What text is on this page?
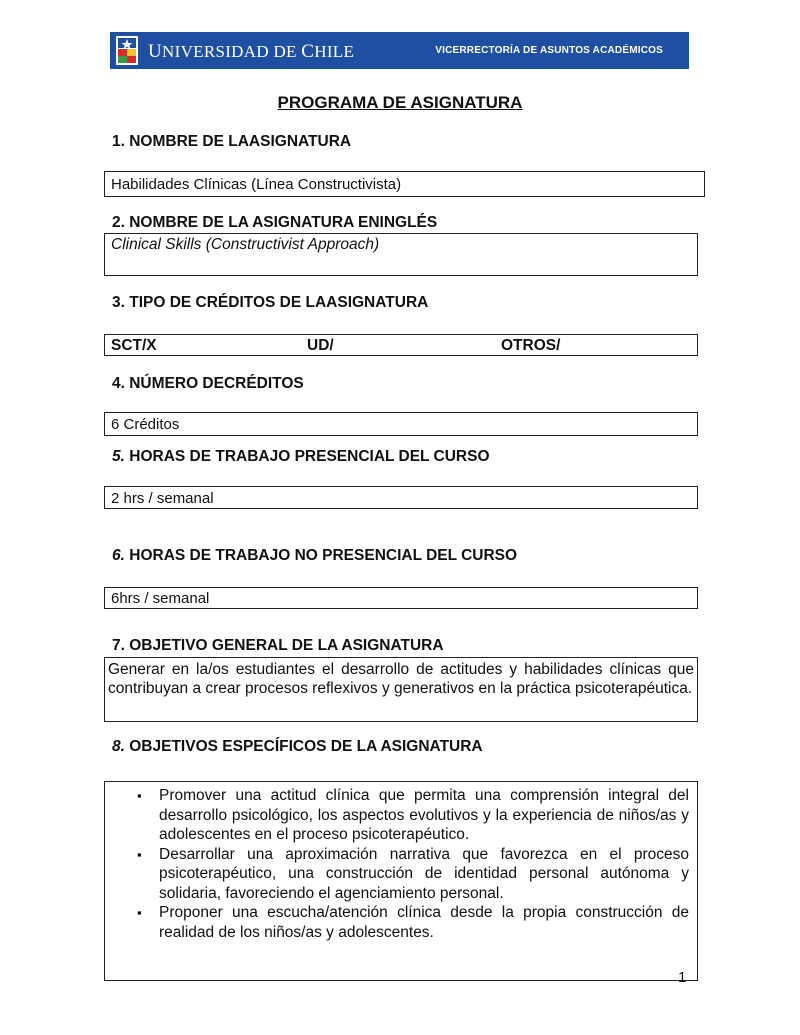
UNIVERSIDAD DE CHILE	VICERRECTORÍA DE ASUNTOS ACADÉMICOS
PROGRAMA DE ASIGNATURA
1. NOMBRE DE LAASIGNATURA
Habilidades Clínicas (Línea Constructivista)
2. NOMBRE DE LA ASIGNATURA ENINGLÉS
Clinical Skills (Constructivist Approach)
3. TIPO DE CRÉDITOS DE LAASIGNATURA
SCT/X	UD/	OTROS/
4. NÚMERO DECRÉDITOS
6 Créditos
5. HORAS DE TRABAJO PRESENCIAL DEL CURSO
2 hrs / semanal
6. HORAS DE TRABAJO NO PRESENCIAL DEL CURSO
6hrs / semanal
7. OBJETIVO GENERAL DE LA ASIGNATURA
Generar en la/os estudiantes el desarrollo de actitudes y habilidades clínicas que contribuyan a crear procesos reflexivos y generativos en la práctica psicoterapéutica.
8. OBJETIVOS ESPECÍFICOS DE LA ASIGNATURA
▪ Promover una actitud clínica que permita una comprensión integral del desarrollo psicológico, los aspectos evolutivos y la experiencia de niños/as y adolescentes en el proceso psicoterapéutico.
▪ Desarrollar una aproximación narrativa que favorezca en el proceso psicoterapéutico, una construcción de identidad personal autónoma y solidaria, favoreciendo el agenciamiento personal.
▪ Proponer una escucha/atención clínica desde la propia construcción de realidad de los niños/as y adolescentes.
1
